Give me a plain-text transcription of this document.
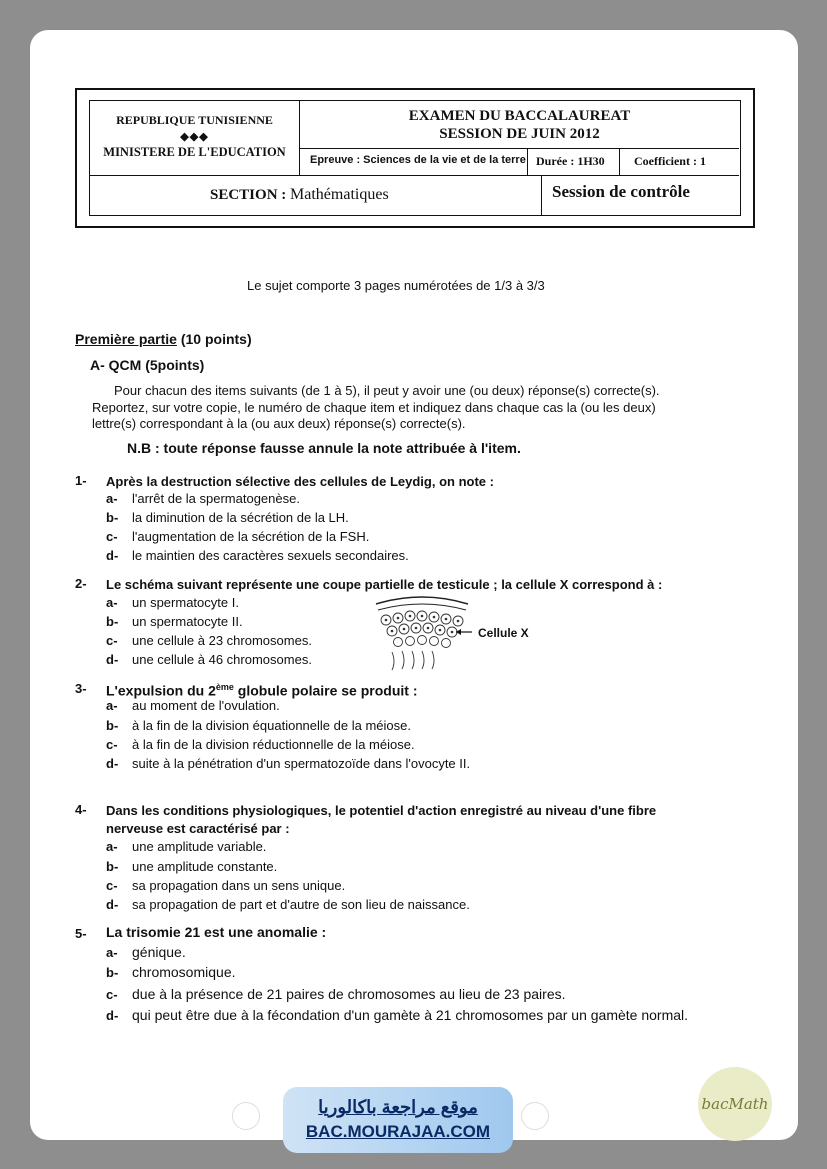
REPUBLIQUE TUNISIENNE
◆◆◆
MINISTERE DE L'EDUCATION
EXAMEN DU BACCALAUREAT
SESSION DE JUIN 2012
Epreuve : Sciences de la vie et de la terre Durée : 1H30	Coefficient : 1
SECTION : Mathématiques	Session de contrôle
Le sujet comporte 3 pages numérotées de 1/3 à 3/3
Première partie (10 points)
A- QCM (5points)
Pour chacun des items suivants (de 1 à 5), il peut y avoir une (ou deux) réponse(s) correcte(s).
Reportez, sur votre copie, le numéro de chaque item et indiquez dans chaque cas la (ou les deux)
lettre(s) correspondant à la (ou aux deux) réponse(s) correcte(s).
N.B : toute réponse fausse annule la note attribuée à l'item.
1- Après la destruction sélective des cellules de Leydig, on note :
a- l'arrêt de la spermatogenèse.
b- la diminution de la sécrétion de la LH.
c- l'augmentation de la sécrétion de la FSH.
d- le maintien des caractères sexuels secondaires.
2- Le schéma suivant représente une coupe partielle de testicule ; la cellule X correspond à :
a- un spermatocyte I.
b- un spermatocyte II.
c- une cellule à 23 chromosomes.
d- une cellule à 46 chromosomes.
Cellule X
3- L'expulsion du 2ème globule polaire se produit :
a- au moment de l'ovulation.
b- à la fin de la division équationnelle de la méiose.
c- à la fin de la division réductionnelle de la méiose.
d- suite à la pénétration d'un spermatozoïde dans l'ovocyte II.
4- Dans les conditions physiologiques, le potentiel d'action enregistré au niveau d'une fibre
nerveuse est caractérisé par :
a- une amplitude variable.
b- une amplitude constante.
c- sa propagation dans un sens unique.
d- sa propagation de part et d'autre de son lieu de naissance.
5- La trisomie 21 est une anomalie :
a- génique.
b- chromosomique.
c- due à la présence de 21 paires de chromosomes au lieu de 23 paires.
d- qui peut être due à la fécondation d'un gamète à 21 chromosomes par un gamète normal.
موقع مراجعة باكالوريا
BAC.MOURAJAA.COM
bacMath
